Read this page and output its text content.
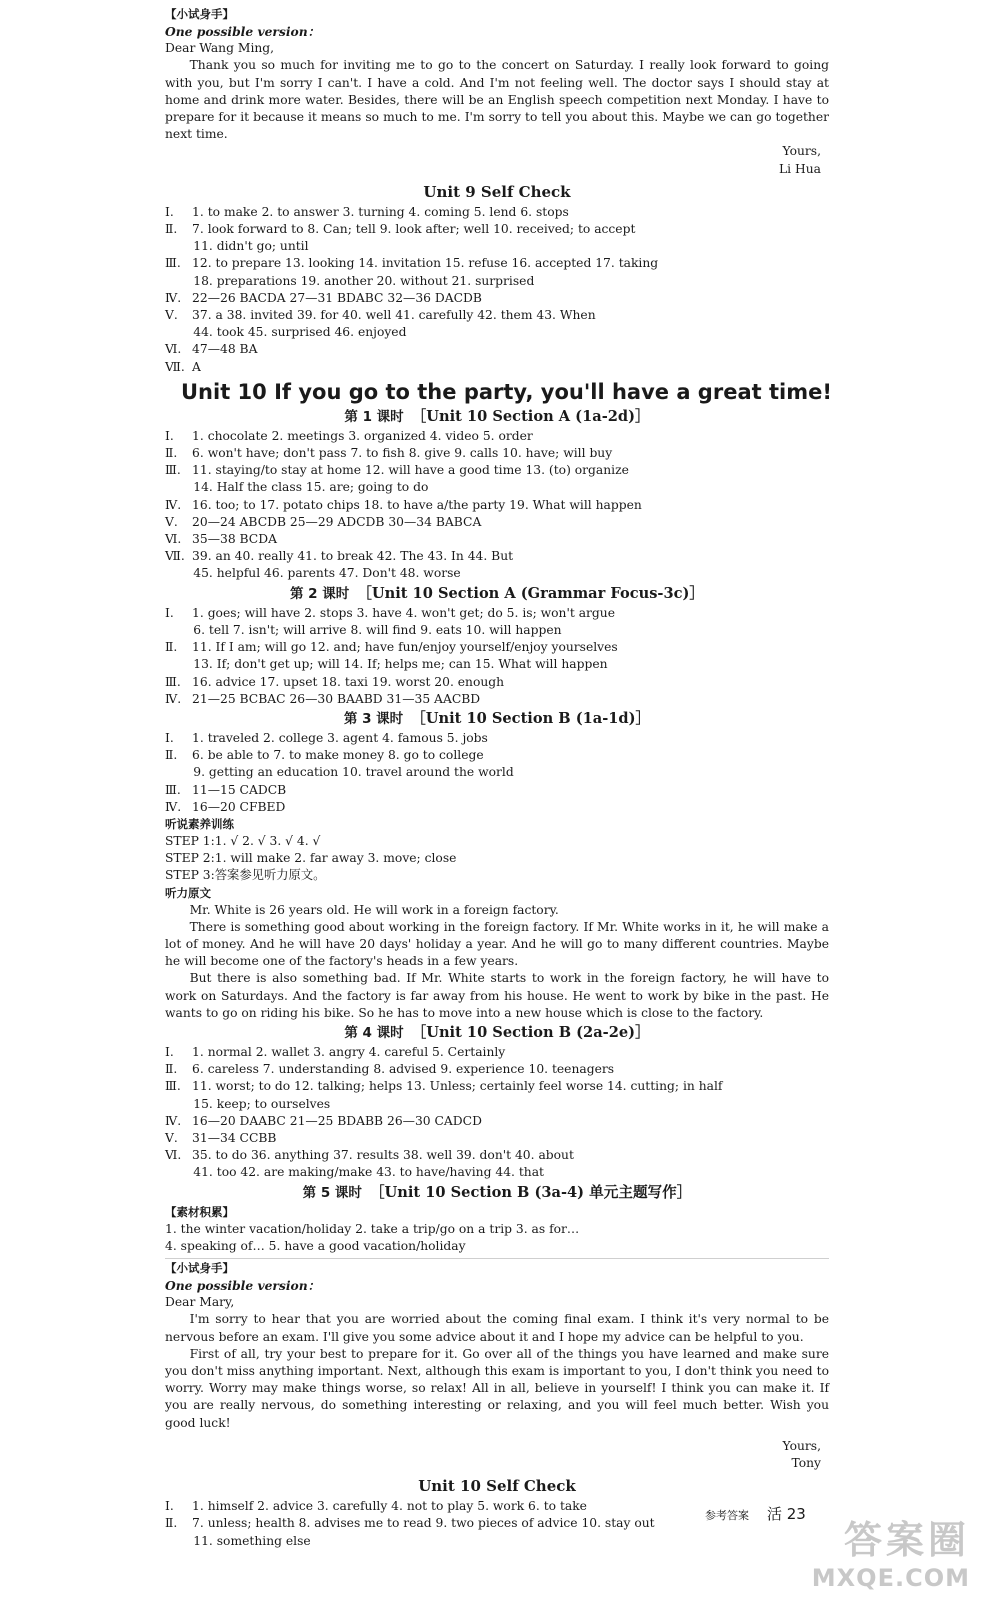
【小试身手】
One possible version：
Dear Wang Ming,

Thank you so much for inviting me to go to the concert on Saturday. I really look forward to going with you, but I'm sorry I can't. I have a cold. And I'm not feeling well. The doctor says I should stay at home and drink more water. Besides, there will be an English speech competition next Monday. I have to prepare for it because it means so much to me. I'm sorry to tell you about this. Maybe we can go together next time.

Yours,
Li Hua
Unit 9 Self Check
Ⅰ. 1. to make 2. to answer 3. turning 4. coming 5. lend 6. stops
Ⅱ. 7. look forward to 8. Can; tell 9. look after; well 10. received; to accept
11. didn't go; until
Ⅲ. 12. to prepare 13. looking 14. invitation 15. refuse 16. accepted 17. taking
18. preparations 19. another 20. without 21. surprised
Ⅳ. 22—26 BACDA 27—31 BDABC 32—36 DACDB
Ⅴ. 37. a 38. invited 39. for 40. well 41. carefully 42. them 43. When
44. took 45. surprised 46. enjoyed
Ⅵ. 47—48 BA
Ⅶ. A
Unit 10 If you go to the party, you'll have a great time!
第 1 课时 ［Unit 10 Section A (1a-2d)］
Ⅰ. 1. chocolate 2. meetings 3. organized 4. video 5. order
Ⅱ. 6. won't have; don't pass 7. to fish 8. give 9. calls 10. have; will buy
Ⅲ. 11. staying/to stay at home 12. will have a good time 13. (to) organize
14. Half the class 15. are; going to do
Ⅳ. 16. too; to 17. potato chips 18. to have a/the party 19. What will happen
Ⅴ. 20—24 ABCDB 25—29 ADCDB 30—34 BABCA
Ⅵ. 35—38 BCDA
Ⅶ. 39. an 40. really 41. to break 42. The 43. In 44. But
45. helpful 46. parents 47. Don't 48. worse
第 2 课时 ［Unit 10 Section A (Grammar Focus-3c)］
Ⅰ. 1. goes; will have 2. stops 3. have 4. won't get; do 5. is; won't argue
6. tell 7. isn't; will arrive 8. will find 9. eats 10. will happen
Ⅱ. 11. If I am; will go 12. and; have fun/enjoy yourself/enjoy yourselves
13. If; don't get up; will 14. If; helps me; can 15. What will happen
Ⅲ. 16. advice 17. upset 18. taxi 19. worst 20. enough
Ⅳ. 21—25 BCBAC 26—30 BAABD 31—35 AACBD
第 3 课时 ［Unit 10 Section B (1a-1d)］
Ⅰ. 1. traveled 2. college 3. agent 4. famous 5. jobs
Ⅱ. 6. be able to 7. to make money 8. go to college
9. getting an education 10. travel around the world
Ⅲ. 11—15 CADCB
Ⅳ. 16—20 CFBED
听说素养训练
STEP 1:1. √ 2. √ 3. √ 4. √
STEP 2:1. will make 2. far away 3. move; close
STEP 3:答案参见听力原文。
听力原文

Mr. White is 26 years old. He will work in a foreign factory.

There is something good about working in the foreign factory. If Mr. White works in it, he will make a lot of money. And he will have 20 days' holiday a year. And he will go to many different countries. Maybe he will become one of the factory's heads in a few years.

But there is also something bad. If Mr. White starts to work in the foreign factory, he will have to work on Saturdays. And the factory is far away from his house. He went to work by bike in the past. He wants to go on riding his bike. So he has to move into a new house which is close to the factory.

第 4 课时 ［Unit 10 Section B (2a-2e)］
Ⅰ. 1. normal 2. wallet 3. angry 4. careful 5. Certainly
Ⅱ. 6. careless 7. understanding 8. advised 9. experience 10. teenagers
Ⅲ. 11. worst; to do 12. talking; helps 13. Unless; certainly feel worse 14. cutting; in half
15. keep; to ourselves
Ⅳ. 16—20 DAABC 21—25 BDABB 26—30 CADCD
Ⅴ. 31—34 CCBB
Ⅵ. 35. to do 36. anything 37. results 38. well 39. don't 40. about
41. too 42. are making/make 43. to have/having 44. that
第 5 课时 ［Unit 10 Section B (3a-4) 单元主题写作］
【素材积累】
1. the winter vacation/holiday 2. take a trip/go on a trip 3. as for…
4. speaking of… 5. have a good vacation/holiday
【小试身手】
One possible version：
Dear Mary,

I'm sorry to hear that you are worried about the coming final exam. I think it's very normal to be nervous before an exam. I'll give you some advice about it and I hope my advice can be helpful to you.

First of all, try your best to prepare for it. Go over all of the things you have learned and make sure you don't miss anything important. Next, although this exam is important to you, I don't think you need to worry. Worry may make things worse, so relax! All in all, believe in yourself! I think you can make it. If you are really nervous, do something interesting or relaxing, and you will feel much better. Wish you good luck!

Yours,
Tony
Unit 10 Self Check
Ⅰ. 1. himself 2. advice 3. carefully 4. not to play 5. work 6. to take
Ⅱ. 7. unless; health 8. advises me to read 9. two pieces of advice 10. stay out
11. something else
参考答案 活 23
答案圈
MXQE.COM
